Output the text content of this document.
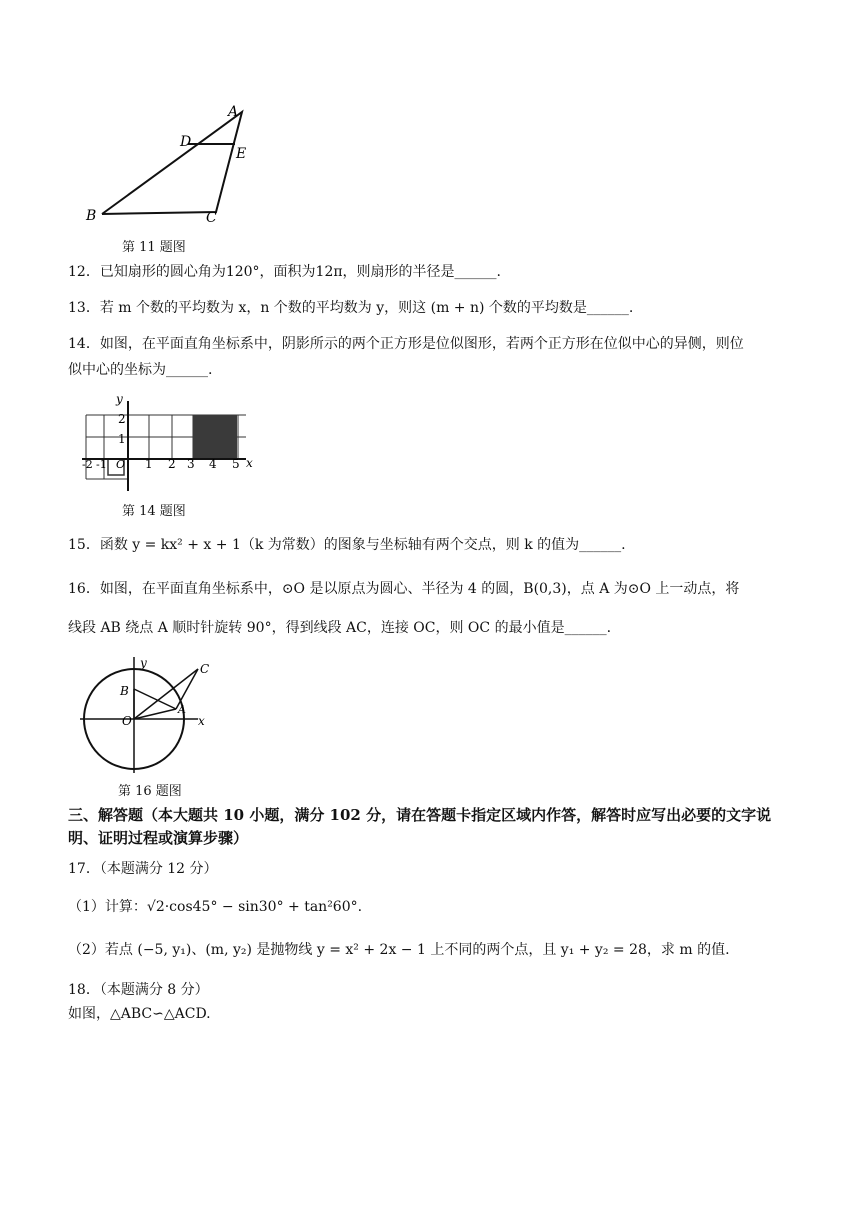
A
D
E
B	C
第 11 题图
12．已知扇形的圆心角为120°，面积为12π，则扇形的半径是______.
13．若 m 个数的平均数为 x，n 个数的平均数为 y，则这 (m + n) 个数的平均数是______.
14．如图，在平面直角坐标系中，阴影所示的两个正方形是位似图形，若两个正方形在位似中心的异侧，则位
似中心的坐标为______.
y
x
2
1
-2 -1 O 1 2 3 4 5
第 14 题图
15．函数 y = kx² + x + 1（k 为常数）的图象与坐标轴有两个交点，则 k 的值为______.
16．如图，在平面直角坐标系中，⊙O 是以原点为圆心、半径为 4 的圆，B(0,3)，点 A 为⊙O 上一动点，将
线段 AB 绕点 A 顺时针旋转 90°，得到线段 AC，连接 OC，则 OC 的最小值是______.
y
x
B
O
A
C
第 16 题图
三、解答题（本大题共 10 小题，满分 102 分，请在答题卡指定区域内作答，解答时应写出必要的文字说明、证明过程或演算步骤）
17．（本题满分 12 分）
（1）计算：√2·cos45° − sin30° + tan²60°.
（2）若点 (−5, y₁)、(m, y₂) 是抛物线 y = x² + 2x − 1 上不同的两个点，且 y₁ + y₂ = 28，求 m 的值.
18．（本题满分 8 分）
如图，△ABC∽△ACD.
